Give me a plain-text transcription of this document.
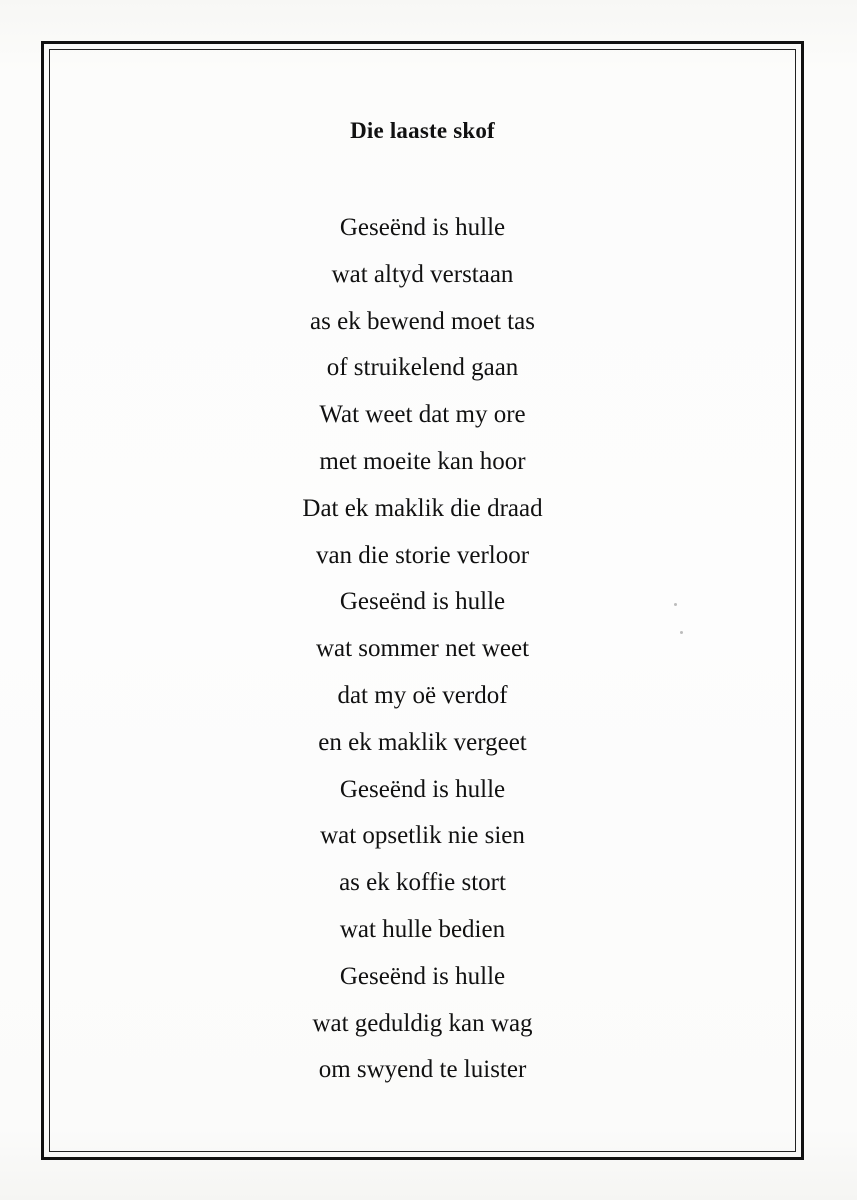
Die laaste skof
Geseënd is hulle
wat altyd verstaan
as ek bewend moet tas
of struikelend gaan
Wat weet dat my ore
met moeite kan hoor
Dat ek maklik die draad
van die storie verloor
Geseënd is hulle
wat sommer net weet
dat my oë verdof
en ek maklik vergeet
Geseënd is hulle
wat opsetlik nie sien
as ek koffie stort
wat hulle bedien
Geseënd is hulle
wat geduldig kan wag
om swyend te luister
